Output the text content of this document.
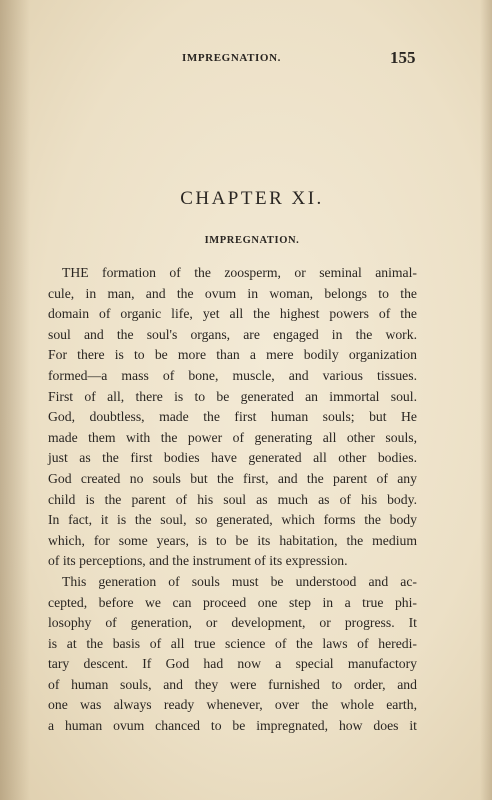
IMPREGNATION.	155
CHAPTER XI.
IMPREGNATION.
THE formation of the zoosperm, or seminal animal-
cule, in man, and the ovum in woman, belongs to the
domain of organic life, yet all the highest powers of the
soul and the soul's organs, are engaged in the work.
For there is to be more than a mere bodily organization
formed—a mass of bone, muscle, and various tissues.
First of all, there is to be generated an immortal soul.
God, doubtless, made the first human souls; but He
made them with the power of generating all other souls,
just as the first bodies have generated all other bodies.
God created no souls but the first, and the parent of any
child is the parent of his soul as much as of his body.
In fact, it is the soul, so generated, which forms the body
which, for some years, is to be its habitation, the medium
of its perceptions, and the instrument of its expression.
This generation of souls must be understood and ac-
cepted, before we can proceed one step in a true phi-
losophy of generation, or development, or progress. It
is at the basis of all true science of the laws of heredi-
tary descent. If God had now a special manufactory
of human souls, and they were furnished to order, and
one was always ready whenever, over the whole earth,
a human ovum chanced to be impregnated, how does it
